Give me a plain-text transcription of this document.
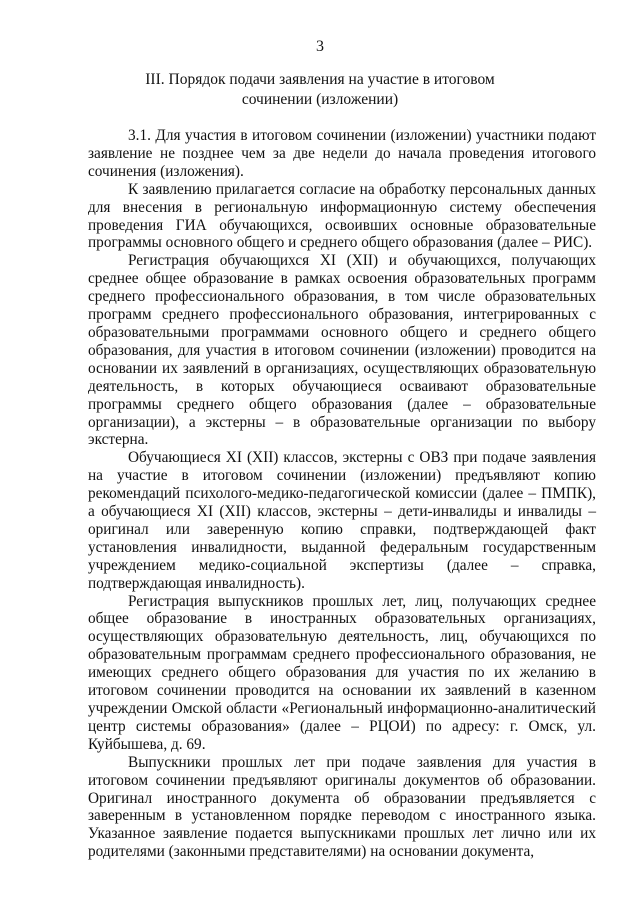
3
III. Порядок подачи заявления на участие в итоговом сочинении (изложении)

3.1. Для участия в итоговом сочинении (изложении) участники подают заявление не позднее чем за две недели до начала проведения итогового сочинения (изложения).

К заявлению прилагается согласие на обработку персональных данных для внесения в региональную информационную систему обеспечения проведения ГИА обучающихся, освоивших основные образовательные программы основного общего и среднего общего образования (далее – РИС).

Регистрация обучающихся XI (XII) и обучающихся, получающих среднее общее образование в рамках освоения образовательных программ среднего профессионального образования, в том числе образовательных программ среднего профессионального образования, интегрированных с образовательными программами основного общего и среднего общего образования, для участия в итоговом сочинении (изложении) проводится на основании их заявлений в организациях, осуществляющих образовательную деятельность, в которых обучающиеся осваивают образовательные программы среднего общего образования (далее – образовательные организации), а экстерны – в образовательные организации по выбору экстерна.

Обучающиеся XI (XII) классов, экстерны с ОВЗ при подаче заявления на участие в итоговом сочинении (изложении) предъявляют копию рекомендаций психолого-медико-педагогической комиссии (далее – ПМПК), а обучающиеся XI (XII) классов, экстерны – дети-инвалиды и инвалиды – оригинал или заверенную копию справки, подтверждающей факт установления инвалидности, выданной федеральным государственным учреждением медико-социальной экспертизы (далее – справка, подтверждающая инвалидность).

Регистрация выпускников прошлых лет, лиц, получающих среднее общее образование в иностранных образовательных организациях, осуществляющих образовательную деятельность, лиц, обучающихся по образовательным программам среднего профессионального образования, не имеющих среднего общего образования для участия по их желанию в итоговом сочинении проводится на основании их заявлений в казенном учреждении Омской области «Региональный информационно-аналитический центр системы образования» (далее – РЦОИ) по адресу: г. Омск, ул. Куйбышева, д. 69.

Выпускники прошлых лет при подаче заявления для участия в итоговом сочинении предъявляют оригиналы документов об образовании. Оригинал иностранного документа об образовании предъявляется с заверенным в установленном порядке переводом с иностранного языка. Указанное заявление подается выпускниками прошлых лет лично или их родителями (законными представителями) на основании документа,
